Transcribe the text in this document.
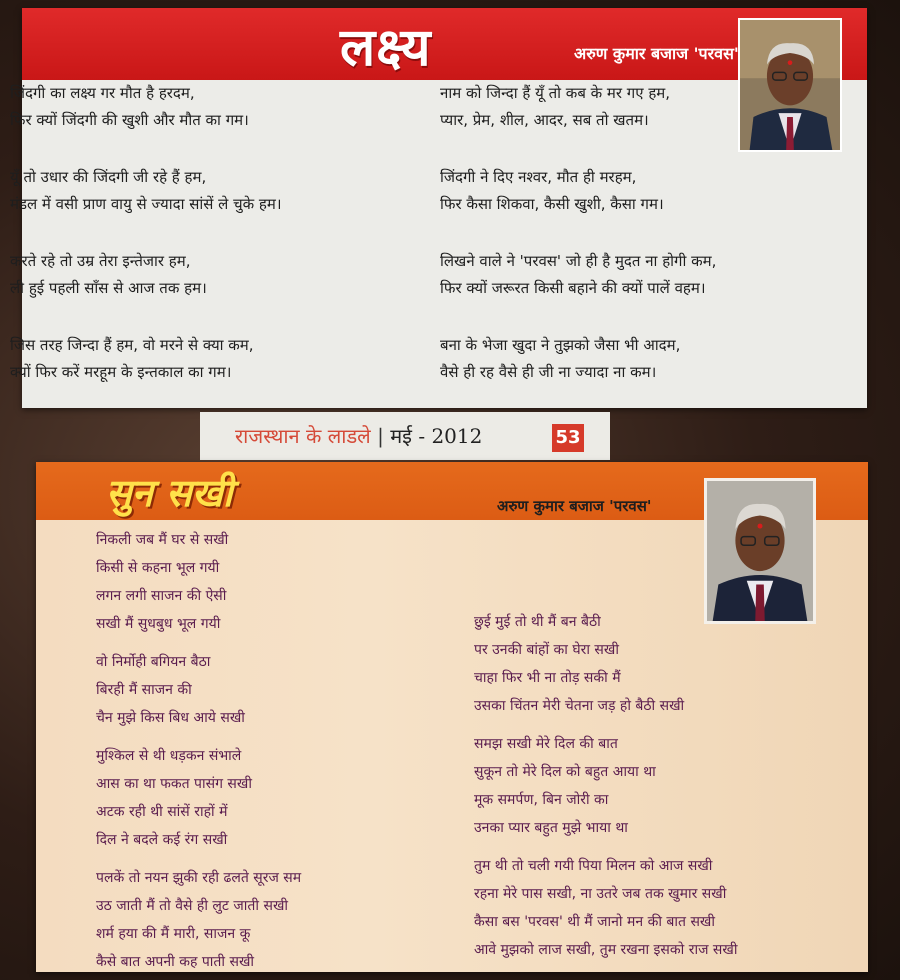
लक्ष्य	अरुण कुमार बजाज 'परवस'
जिंदगी का लक्ष्य गर मौत है हरदम,
फिर क्यों जिंदगी की खुशी और मौत का गम।
यूँ तो उधार की जिंदगी जी रहे हैं हम,
मंडल में वसी प्राण वायु से ज्यादा सांसें ले चुके हम।
करते रहे तो उम्र तेरा इन्तेजार हम,
ली हुई पहली साँस से आज तक हम।
जिस तरह जिन्दा हैं हम, वो मरने से क्या कम,
क्यों फिर करें मरहूम के इन्तकाल का गम।
नाम को जिन्दा हैं यूँ तो कब के मर गए हम,
प्यार, प्रेम, शील, आदर, सब तो खतम।
जिंदगी ने दिए नश्वर, मौत ही मरहम,
फिर कैसा शिकवा, कैसी खुशी, कैसा गम।
लिखने वाले ने 'परवस' जो ही है मुदत ना होगी कम,
फिर क्यों जरूरत किसी बहाने की क्यों पालें वहम।
बना के भेजा खुदा ने तुझको जैसा भी आदम,
वैसे ही रह वैसे ही जी ना ज्यादा ना कम।
राजस्थान के लाडले | मई - 2012	53
सुन सखी	अरुण कुमार बजाज 'परवस'
निकली जब मैं घर से सखी
किसी से कहना भूल गयी
लगन लगी साजन की ऐसी
सखी मैं सुधबुध भूल गयी
वो निर्मोही बगियन बैठा
बिरही मैं साजन की
चैन मुझे किस बिध आये सखी
मुश्किल से थी धड़कन संभाले
आस का था फकत पासंग सखी
अटक रही थी सांसें राहों में
दिल ने बदले कई रंग सखी
पलकें तो नयन झुकी रही ढलते सूरज सम
उठ जाती मैं तो वैसे ही लुट जाती सखी
शर्म हया की मैं मारी, साजन कू
कैसे बात अपनी कह पाती सखी
छुई मुई तो थी मैं बन बैठी
पर उनकी बांहों का घेरा सखी
चाहा फिर भी ना तोड़ सकी मैं
उसका चिंतन मेरी चेतना जड़ हो बैठी सखी
समझ सखी मेरे दिल की बात
सुकून तो मेरे दिल को बहुत आया था
मूक समर्पण, बिन जोरी का
उनका प्यार बहुत मुझे भाया था
तुम थी तो चली गयी पिया मिलन को आज सखी
रहना मेरे पास सखी, ना उतरे जब तक खुमार सखी
कैसा बस 'परवस' थी मैं जानो मन की बात सखी
आवे मुझको लाज सखी, तुम रखना इसको राज सखी
